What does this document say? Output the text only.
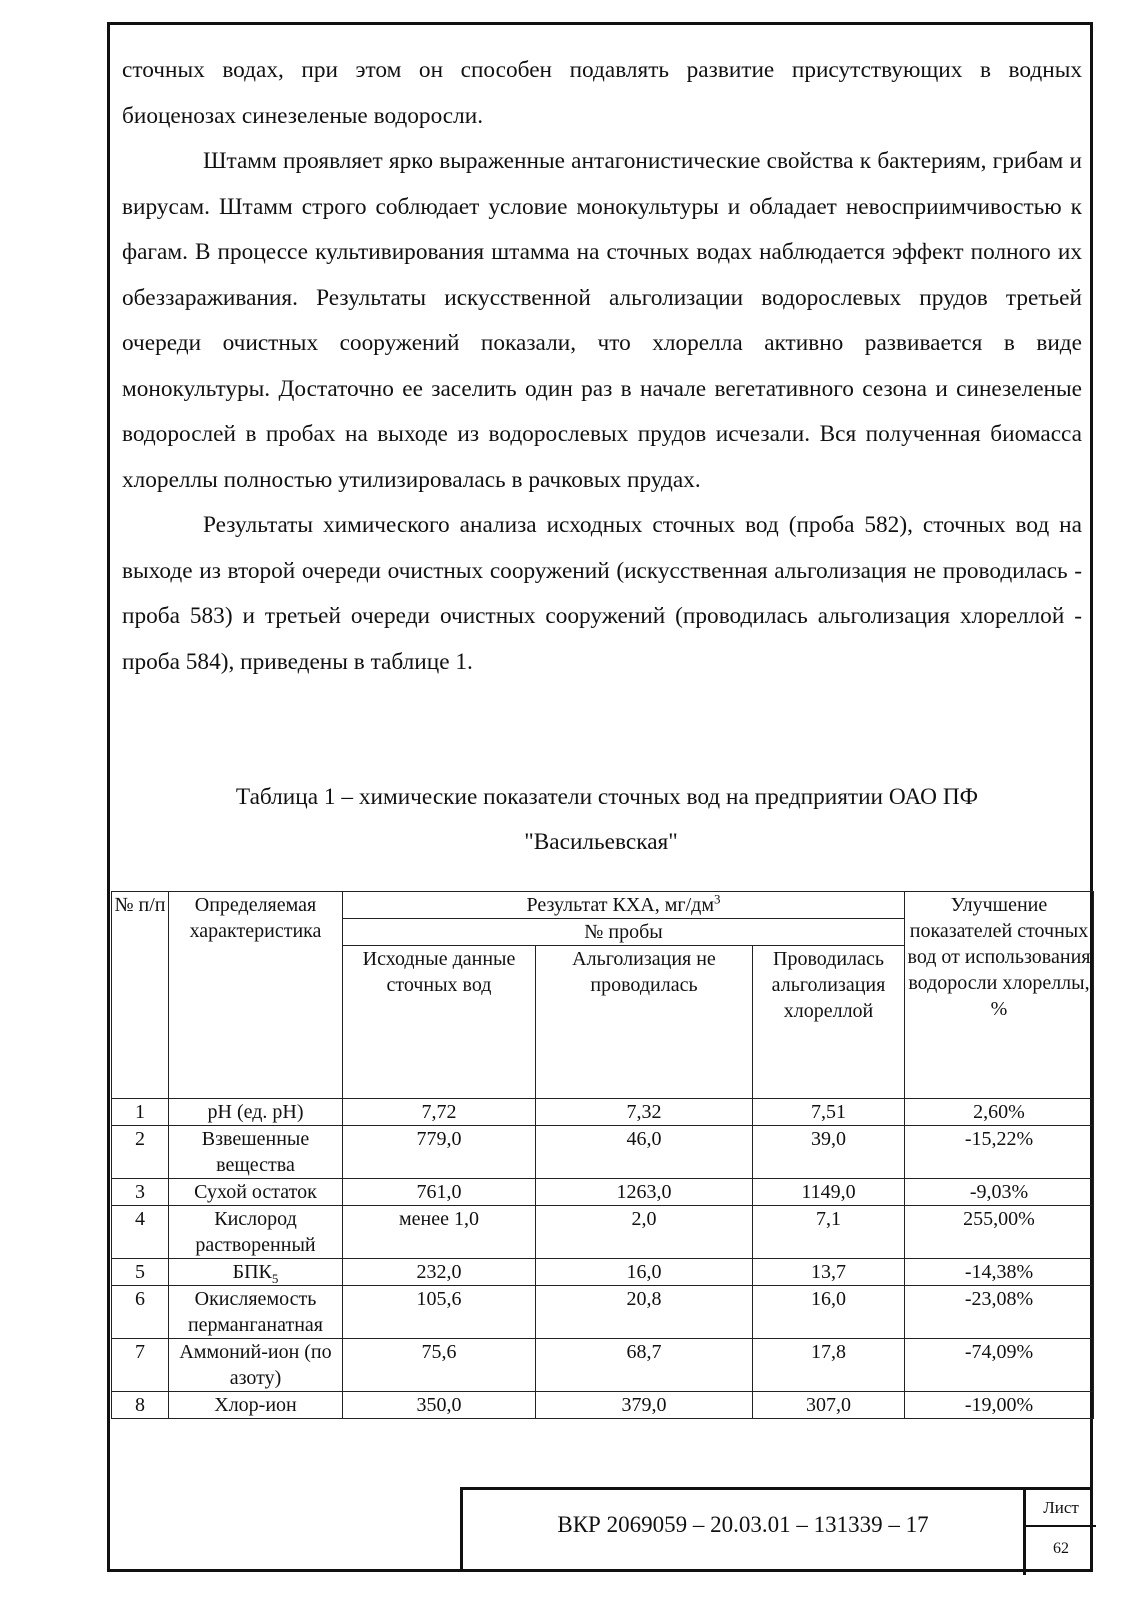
сточных водах, при этом он способен подавлять развитие присутствующих в водных биоценозах синезеленые водоросли.

Штамм проявляет ярко выраженные антагонистические свойства к бактериям, грибам и вирусам. Штамм строго соблюдает условие монокультуры и обладает невосприимчивостью к фагам. В процессе культивирования штамма на сточных водах наблюдается эффект полного их обеззараживания. Результаты искусственной альголизации водорослевых прудов третьей очереди очистных сооружений показали, что хлорелла активно развивается в виде монокультуры. Достаточно ее заселить один раз в начале вегетативного сезона и синезеленые водорослей в пробах на выходе из водорослевых прудов исчезали. Вся полученная биомасса хлореллы полностью утилизировалась в рачковых прудах.

Результаты химического анализа исходных сточных вод (проба 582), сточных вод на выходе из второй очереди очистных сооружений (искусственная альголизация не проводилась - проба 583) и третьей очереди очистных сооружений (проводилась альголизация хлореллой - проба 584), приведены в таблице 1.

Таблица 1 – химические показатели сточных вод на предприятии ОАО ПФ
"Васильевская"
№ п/п	Определяемая характеристика	Результат КХА, $мг/дм^3$			Улучшение показателей сточных вод от использования водоросли хлореллы, %
		№ пробы			
		Исходные данные сточных вод	Альголизация не проводилась	Проводилась альголизация хлореллой	
1	pH (ед. pH)	7,72	7,32	7,51	2,60%
2	Взвешенные вещества	779,0	46,0	39,0	-15,22%
3	Сухой остаток	761,0	1263,0	1149,0	-9,03%
4	Кислород растворенный	менее 1,0	2,0	7,1	255,00%
5	$БПК_5$	232,0	16,0	13,7	-14,38%
6	Окисляемость перманганатная	105,6	20,8	16,0	-23,08%
7	Аммоний-ион (по азоту)	75,6	68,7	17,8	-74,09%
8	Хлор-ион	350,0	379,0	307,0	-19,00%
ВКР 2069059 – 20.03.01 – 131339 – 17
Лист
62
